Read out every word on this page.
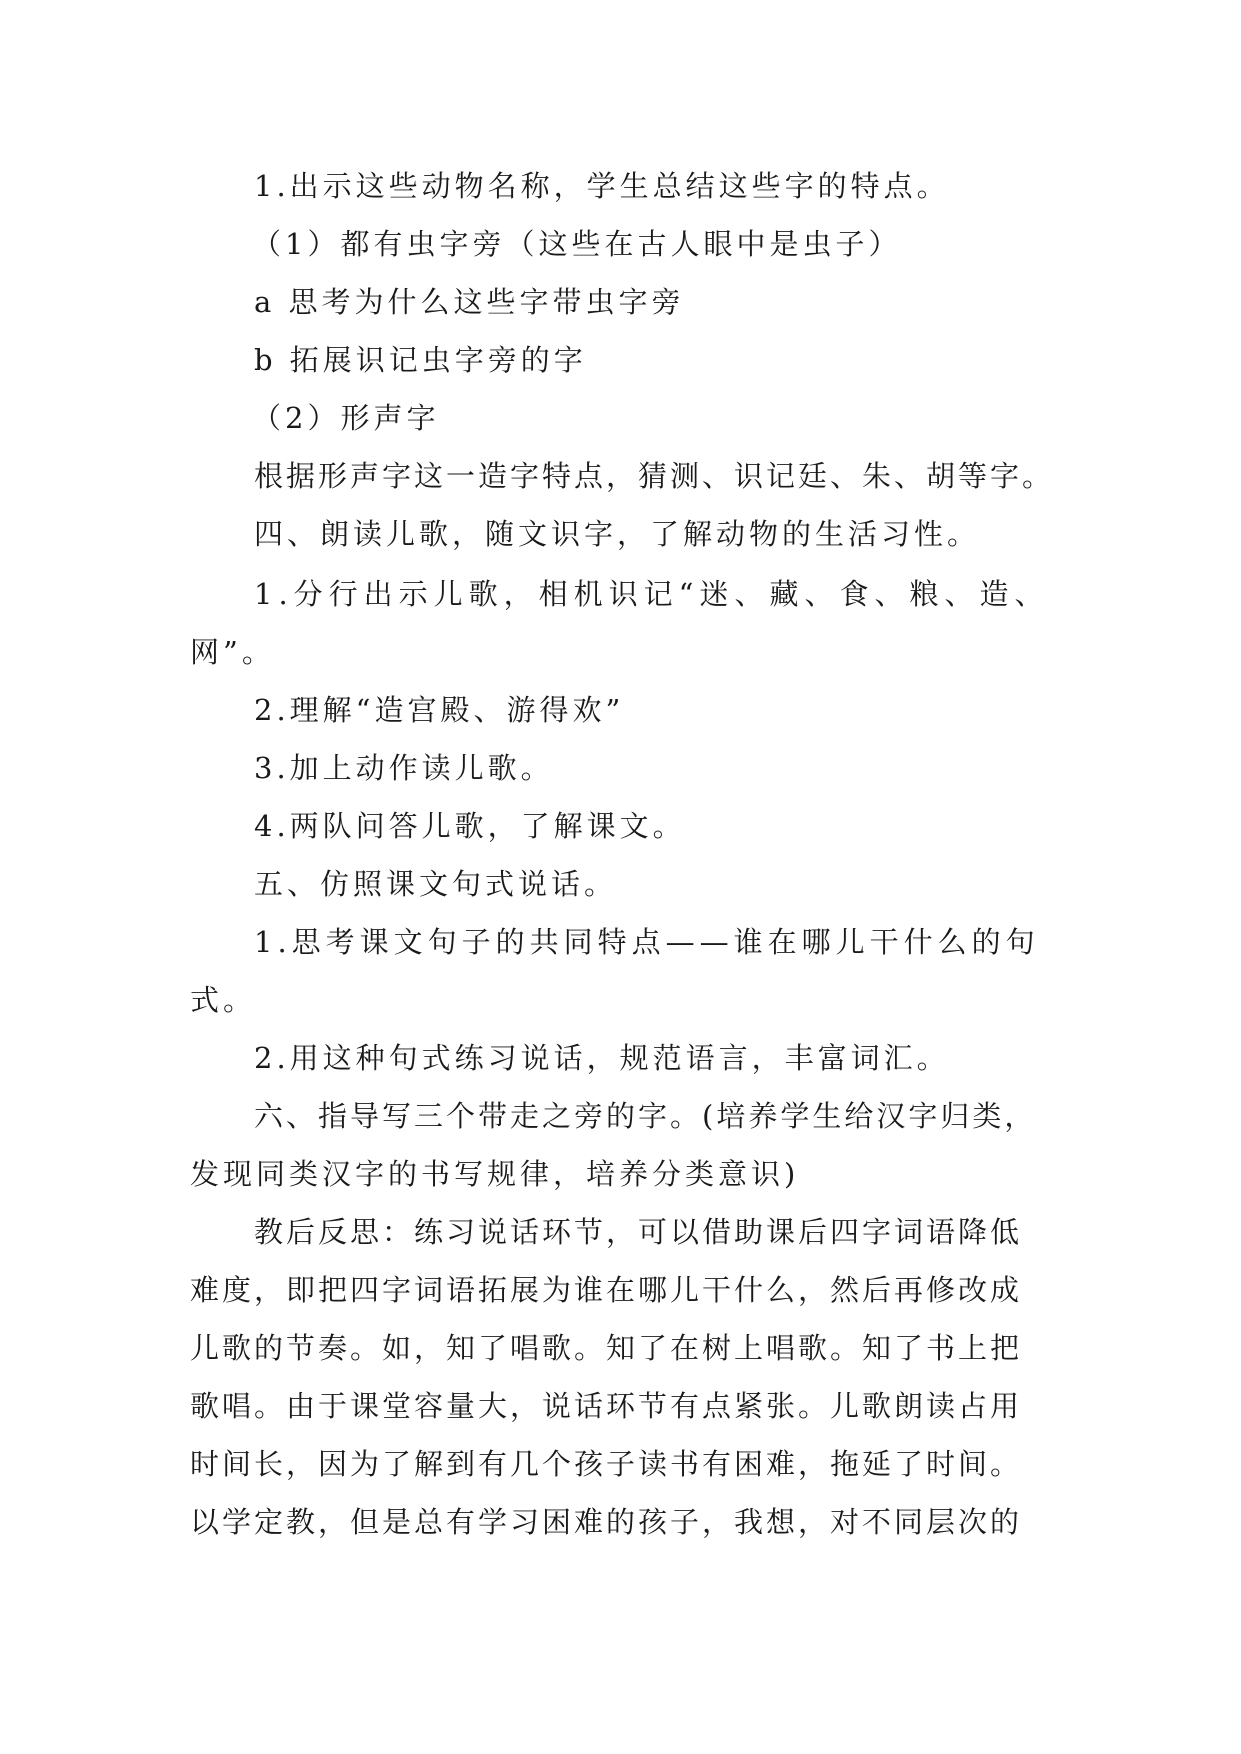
1.出示这些动物名称，学生总结这些字的特点。
（1）都有虫字旁（这些在古人眼中是虫子）
a 思考为什么这些字带虫字旁
b 拓展识记虫字旁的字
（2）形声字
根据形声字这一造字特点，猜测、识记廷、朱、胡等字。
四、朗读儿歌，随文识字，了解动物的生活习性。
1.分行出示儿歌，相机识记“迷、藏、食、粮、造、
网”。
2.理解“造宫殿、游得欢”
3.加上动作读儿歌。
4.两队问答儿歌，了解课文。
五、仿照课文句式说话。
1.思考课文句子的共同特点——谁在哪儿干什么的句
式。
2.用这种句式练习说话，规范语言，丰富词汇。
六、指导写三个带走之旁的字。(培养学生给汉字归类，
发现同类汉字的书写规律，培养分类意识)
教后反思：练习说话环节，可以借助课后四字词语降低
难度，即把四字词语拓展为谁在哪儿干什么，然后再修改成
儿歌的节奏。如，知了唱歌。知了在树上唱歌。知了书上把
歌唱。由于课堂容量大，说话环节有点紧张。儿歌朗读占用
时间长，因为了解到有几个孩子读书有困难，拖延了时间。
以学定教，但是总有学习困难的孩子，我想，对不同层次的
